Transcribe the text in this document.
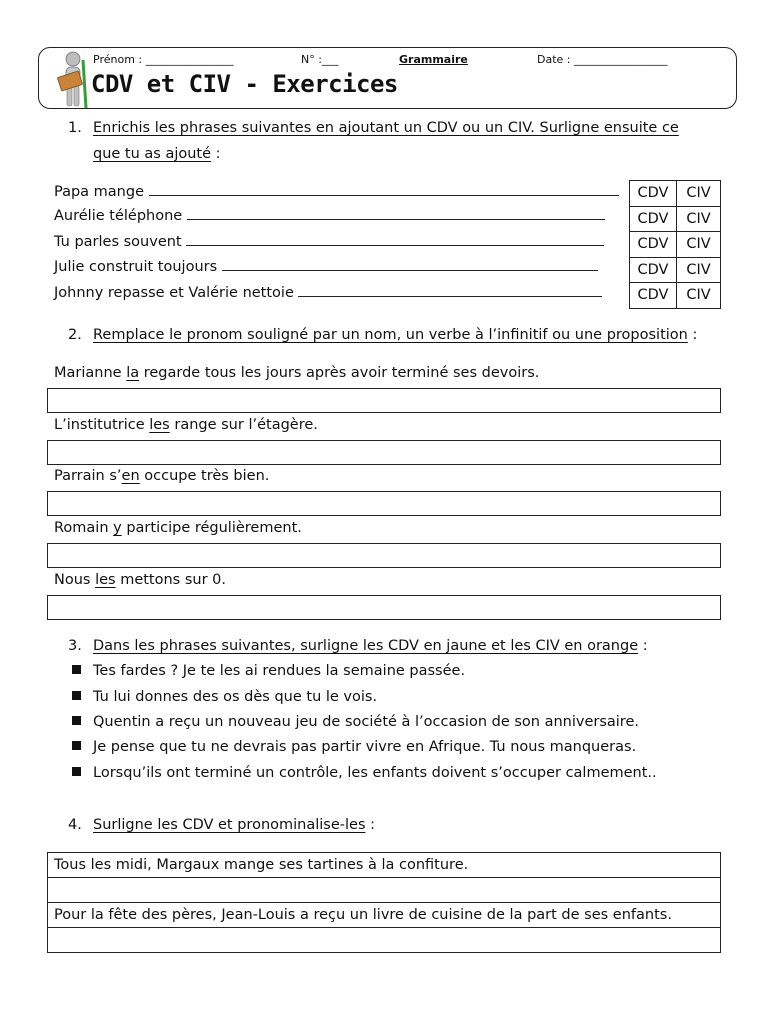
Prénom : ________________	N° :___	Grammaire	Date : _________________
CDV et CIV - Exercices
1. Enrichis les phrases suivantes en ajoutant un CDV ou un CIV. Surligne ensuite ce
que tu as ajouté :
Papa mange
Aurélie téléphone
Tu parles souvent
Julie construit toujours
Johnny repasse et Valérie nettoie
CDV	CIV
CDV	CIV
CDV	CIV
CDV	CIV
CDV	CIV
2. Remplace le pronom souligné par un nom, un verbe à l’infinitif ou une proposition :
Marianne la regarde tous les jours après avoir terminé ses devoirs.
L’institutrice les range sur l’étagère.
Parrain s’en occupe très bien.
Romain y participe régulièrement.
Nous les mettons sur 0.
3. Dans les phrases suivantes, surligne les CDV en jaune et les CIV en orange :
Tes fardes ? Je te les ai rendues la semaine passée.
Tu lui donnes des os dès que tu le vois.
Quentin a reçu un nouveau jeu de société à l’occasion de son anniversaire.
Je pense que tu ne devrais pas partir vivre en Afrique. Tu nous manqueras.
Lorsqu’ils ont terminé un contrôle, les enfants doivent s’occuper calmement..
4. Surligne les CDV et pronominalise-les :
Tous les midi, Margaux mange ses tartines à la confiture.

Pour la fête des pères, Jean-Louis a reçu un livre de cuisine de la part de ses enfants.
